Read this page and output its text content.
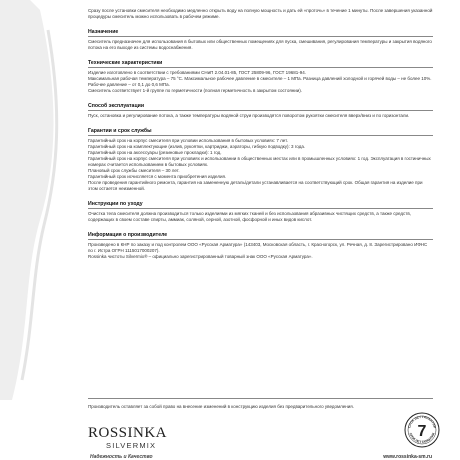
Сразу после установки смесителя необходимо медленно открыть воду на полную мощность и дать ей «проточь» в течение 1 минуты. После завершения указанной процедуры смеситель можно использовать в рабочем режиме.
Назначение

Смеситель предназначен для использования в бытовых или общественных помещениях для пуска, смешивания, регулирования температуры и закрытия водяного потока на его выходе из системы водоснабжения.

Технические характеристики

Изделие изготовлено в соответствии с требованиями СНиП 2.04.01-85, ГОСТ 25809-96, ГОСТ 19681-94.

Максимальная рабочая температура – 75 °С. Максимальное рабочее давление в смесителе – 1 МПа. Разница давлений холодной и горячей воды – не более 10%. Рабочее давление – от 0,1 до 0,6 МПа.

Смеситель соответствует 1-й группе по герметичности (полная герметичность в закрытом состоянии).

Способ эксплуатации

Пуск, остановка и регулирование потока, а также температуры водяной струи производятся поворотом рукоятки смесителя вверх/вниз и по горизонтали.

Гарантии и срок службы

Гарантийный срок на корпус смесителя при условии использования в бытовых условиях: 7 лет.

Гарантийный срок на комплектующие (излив, рукоятки, картриджи, аэраторы, гибкую подводку): 3 года.

Гарантийный срок на аксессуары (резиновые прокладки): 1 год.

Гарантийный срок на корпус смесителя при условиях и использовании в общественных местах или в промышленных условиях: 1 год. Эксплуатация в гостиничных номерах считается использованием в бытовых условиях.

Плановый срок службы смесителя – 30 лет.

Гарантийный срок исчисляется с момента приобретения изделия.

После проведения гарантийного ремонта, гарантия на замененную деталь/детали устанавливается на соответствующий срок. Общая гарантия на изделие при этом остается неизменной.

Инструкции по уходу

Очистка тела смесителя должна производиться только изделиями из мягких тканей и без использования абразивных чистящих средств, а также средств, содержащих в своем составе спирты, аммиак, соляной, серной, азотной, фосфорной и иных видов кислот.

Информация о производителе

Произведено в КНР по заказу и под контролем ООО «Русская Арматура» (143403, Московская область, г. Красногорск, ул. Речная, д. 8. Зарегистрировано ИФНС по г. Истра ОГРН 1115017000207).

Rossinka чистоты Silvermix® – официально зарегистрированный товарный знак ООО «Русская Арматура».

Производитель оставляет за собой право на внесение изменений в конструкцию изделия без предварительного уведомления.
ROSSINKA
SILVERMIX
Надежность и Качество	www.rossinka-sm.ru
СРОК ЛЕТ ГАРАНТИИ
СРОК ЛЕТ ГАРАНТИИ
7
